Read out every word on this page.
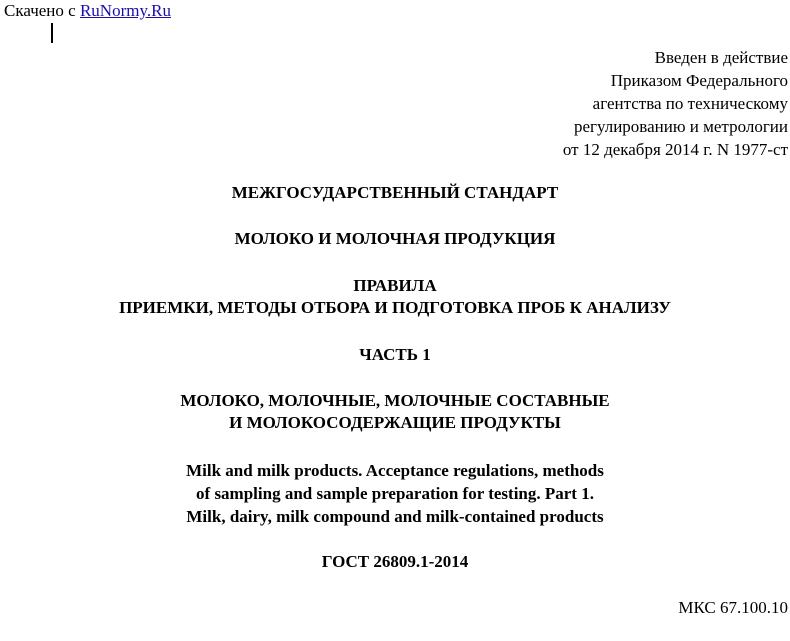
Скачено с RuNormy.Ru
Введен в действие
Приказом Федерального
агентства по техническому
регулированию и метрологии
от 12 декабря 2014 г. N 1977-ст
МЕЖГОСУДАРСТВЕННЫЙ СТАНДАРТ
МОЛОКО И МОЛОЧНАЯ ПРОДУКЦИЯ
ПРАВИЛА
ПРИЕМКИ, МЕТОДЫ ОТБОРА И ПОДГОТОВКА ПРОБ К АНАЛИЗУ
ЧАСТЬ 1
МОЛОКО, МОЛОЧНЫЕ, МОЛОЧНЫЕ СОСТАВНЫЕ
И МОЛОКОСОДЕРЖАЩИЕ ПРОДУКТЫ
Milk and milk products. Acceptance regulations, methods
of sampling and sample preparation for testing. Part 1.
Milk, dairy, milk compound and milk-contained products
ГОСТ 26809.1-2014
МКС 67.100.10
